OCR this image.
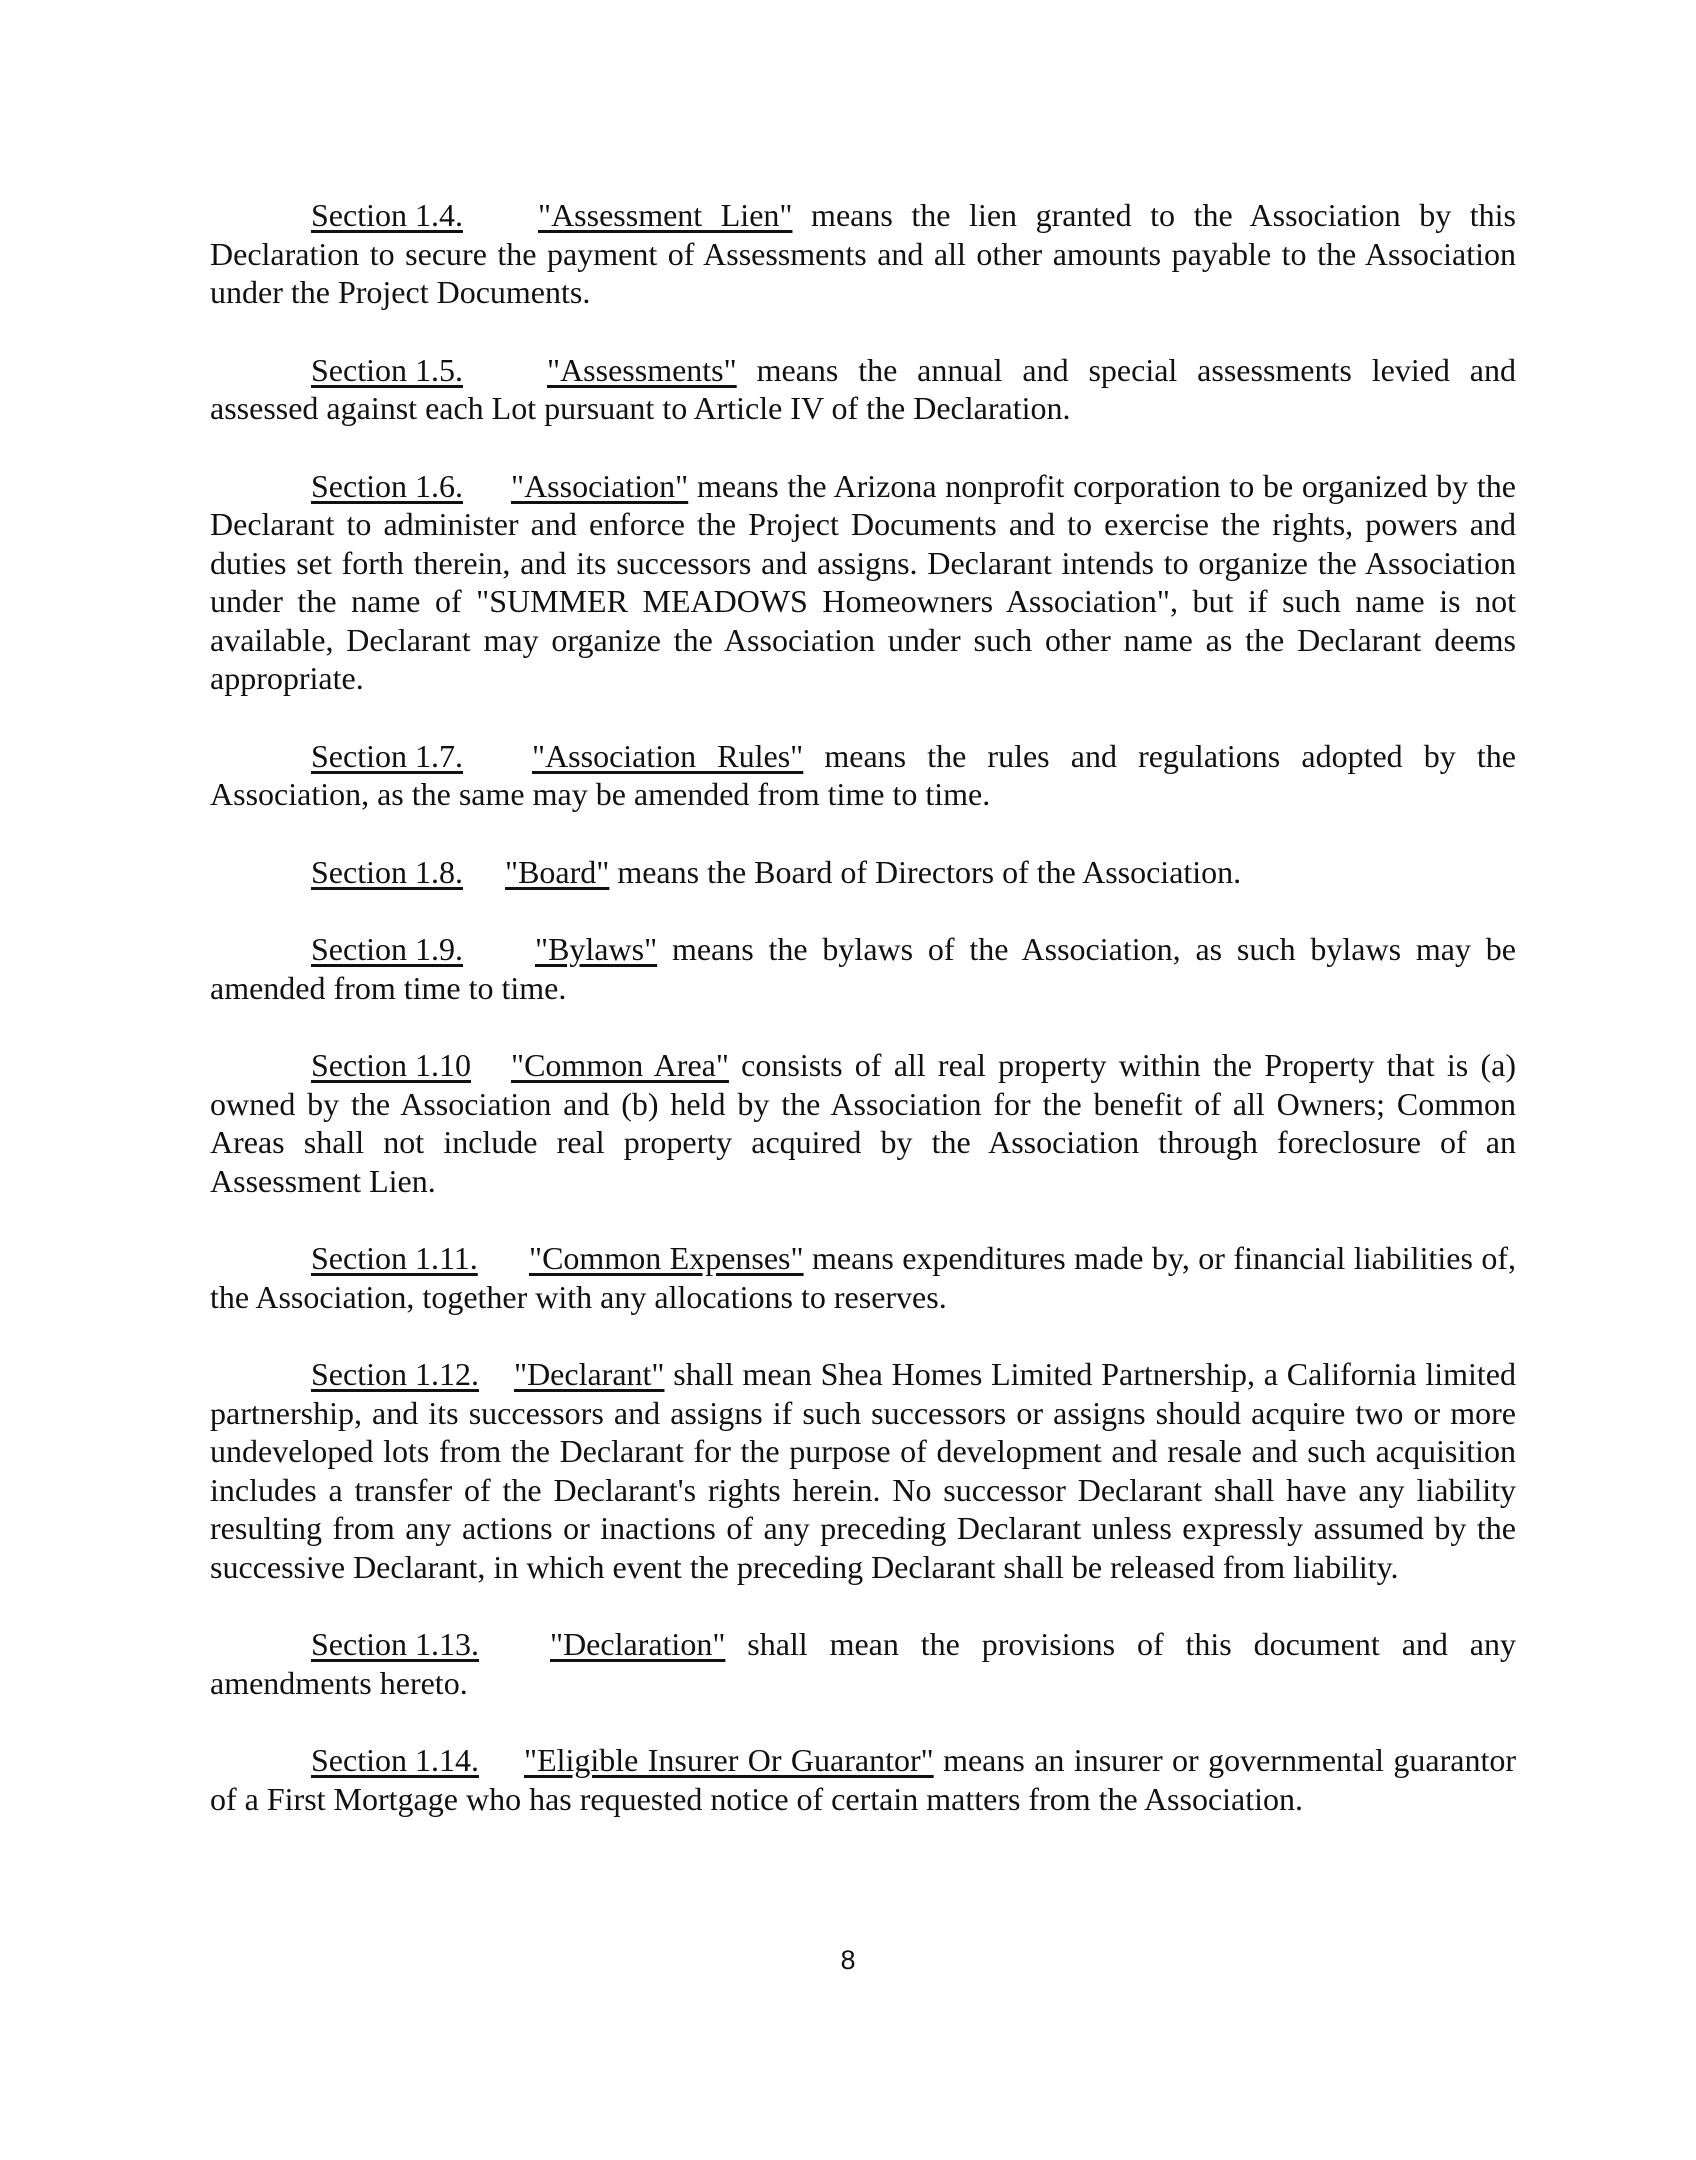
Section 1.4. "Assessment Lien" means the lien granted to the Association by this Declaration to secure the payment of Assessments and all other amounts payable to the Association under the Project Documents.

Section 1.5.	"Assessments" means the annual and special assessments levied and assessed against each Lot pursuant to Article IV of the Declaration.

Section 1.6. "Association" means the Arizona nonprofit corporation to be organized by the Declarant to administer and enforce the Project Documents and to exercise the rights, powers and duties set forth therein, and its successors and assigns. Declarant intends to organize the Association under the name of "SUMMER MEADOWS Homeowners Association", but if such name is not available, Declarant may organize the Association under such other name as the Declarant deems appropriate.

Section 1.7. "Association Rules" means the rules and regulations adopted by the Association, as the same may be amended from time to time.

Section 1.8. "Board" means the Board of Directors of the Association.

Section 1.9. "Bylaws" means the bylaws of the Association, as such bylaws may be amended from time to time.

Section 1.10 "Common Area" consists of all real property within the Property that is (a) owned by the Association and (b) held by the Association for the benefit of all Owners; Common Areas shall not include real property acquired by the Association through foreclosure of an Assessment Lien.

Section 1.11. "Common Expenses" means expenditures made by, or financial liabilities of, the Association, together with any allocations to reserves.

Section 1.12. "Declarant" shall mean Shea Homes Limited Partnership, a California limited partnership, and its successors and assigns if such successors or assigns should acquire two or more undeveloped lots from the Declarant for the purpose of development and resale and such acquisition includes a transfer of the Declarant's rights herein. No successor Declarant shall have any liability resulting from any actions or inactions of any preceding Declarant unless expressly assumed by the successive Declarant, in which event the preceding Declarant shall be released from liability.

Section 1.13. "Declaration" shall mean the provisions of this document and any amendments hereto.

Section 1.14. "Eligible Insurer Or Guarantor" means an insurer or governmental guarantor of a First Mortgage who has requested notice of certain matters from the Association.

8
